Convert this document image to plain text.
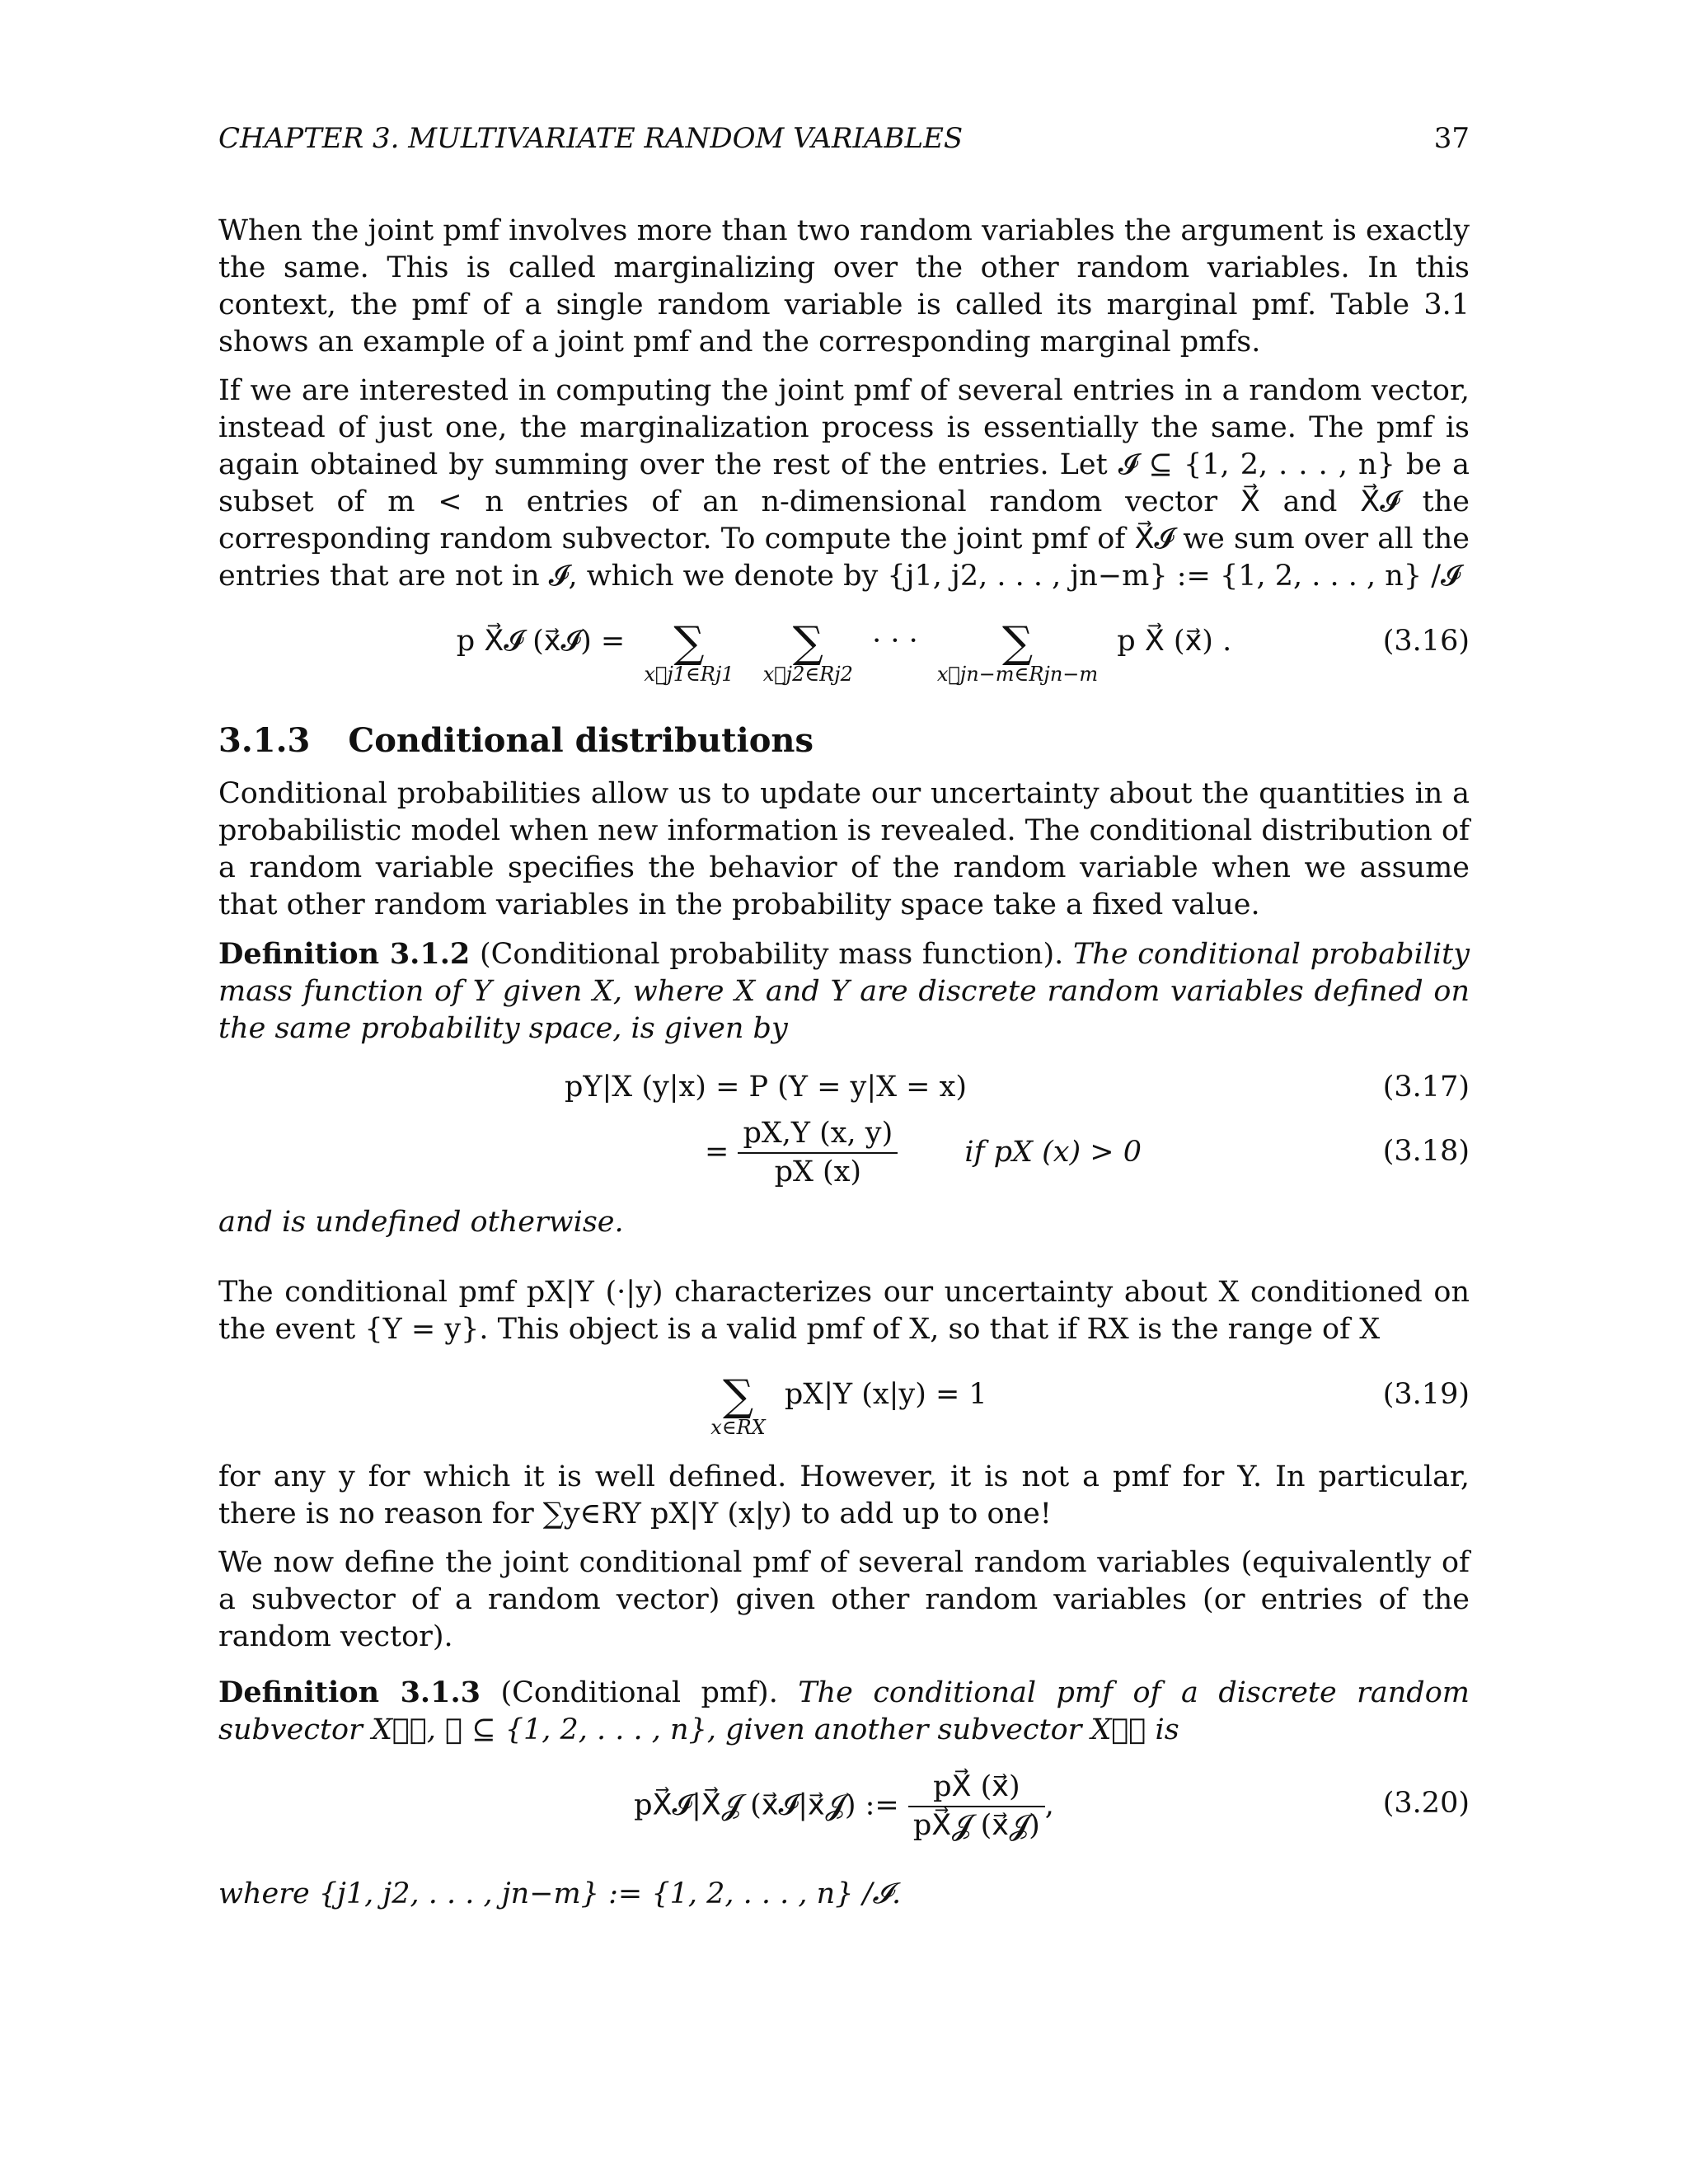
CHAPTER 3. MULTIVARIATE RANDOM VARIABLES	37

When the joint pmf involves more than two random variables the argument is exactly the same. This is called marginalizing over the other random variables. In this context, the pmf of a single random variable is called its marginal pmf. Table 3.1 shows an example of a joint pmf and the corresponding marginal pmfs.

If we are interested in computing the joint pmf of several entries in a random vector, instead of just one, the marginalization process is essentially the same. The pmf is again obtained by summing over the rest of the entries. Let 𝓘 ⊆ {1, 2, . . . , n} be a subset of m < n entries of an n-dimensional random vector X⃗ and X⃗𝓘 the corresponding random subvector. To compute the joint pmf of X⃗𝓘 we sum over all the entries that are not in 𝓘, which we denote by {j1, j2, . . . , jn−m} := {1, 2, . . . , n} /𝓘

p X⃗𝓘 (x⃗𝓘) =	∑
x⃗j1∈Rj1

∑
x⃗j2∈Rj2
· · ·	∑
x⃗jn−m∈Rjn−m
p X⃗ (x⃗) .	(3.16)
3.1.3 Conditional distributions

Conditional probabilities allow us to update our uncertainty about the quantities in a probabilistic model when new information is revealed. The conditional distribution of a random variable specifies the behavior of the random variable when we assume that other random variables in the probability space take a fixed value.

Definition 3.1.2 (Conditional probability mass function). The conditional probability mass function of Y given X, where X and Y are discrete random variables defined on the same probability space, is given by

pY|X (y|x) = P (Y = y|X = x)	(3.17)
= $\frac{pX,Y (x, y)}{pX (x)}$ if pX (x) > 0	(3.18)

and is undefined otherwise.

The conditional pmf pX|Y (·|y) characterizes our uncertainty about X conditioned on the event {Y = y}. This object is a valid pmf of X, so that if RX is the range of X

∑
x∈RX
pX|Y (x|y) = 1	(3.19)

for any y for which it is well defined. However, it is not a pmf for Y. In particular, there is no reason for ∑y∈RY pX|Y (x|y) to add up to one!

We now define the joint conditional pmf of several random variables (equivalently of a subvector of a random vector) given other random variables (or entries of the random vector).

Definition 3.1.3 (Conditional pmf). The conditional pmf of a discrete random subvector X⃗𝓘, 𝓘 ⊆ {1, 2, . . . , n}, given another subvector X⃗𝓙 is

pX⃗𝓘|X⃗𝓙 (x⃗𝓘|x⃗𝓙) := $\frac{pX⃗ (x⃗)}{\text{pX⃗𝓙 (x⃗𝓙)}}$ ,	(3.20)

where {j1, j2, . . . , jn−m} := {1, 2, . . . , n} /𝓘.
